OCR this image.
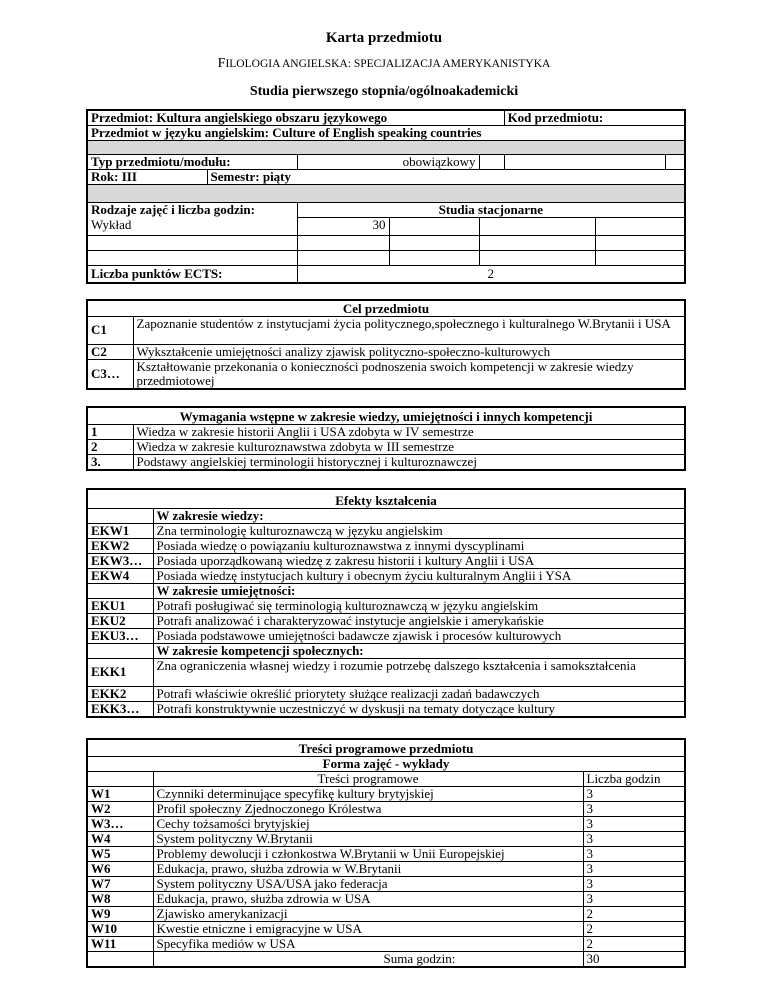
Karta przedmiotu
FILOLOGIA ANGIELSKA: SPECJALIZACJA AMERYKANISTYKA
Studia pierwszego stopnia/ogólnoakademicki
Przedmiot: Kultura angielskiego obszaru językowego					Kod przedmiotu:		
Przedmiot w języku angielskim: Culture of English speaking countries							

Typ przedmiotu/modułu:		obowiązkowy					
Rok: III	Semestr: piąty						

Rodzaje zajęć i liczba godzin:		Studia stacjonarne					
Wykład		30					

Liczba punktów ECTS:		2					
Cel przedmiotu	
C1	Zapoznanie studentów z instytucjami życia politycznego,społecznego i kulturalnego W.Brytanii i USA
C2	Wykształcenie umiejętności analizy zjawisk polityczno-społeczno-kulturowych
C3…	Kształtowanie przekonania o konieczności podnoszenia swoich kompetencji w zakresie wiedzy przedmiotowej
Wymagania wstępne w zakresie wiedzy, umiejętności i innych kompetencji	
1	Wiedza w zakresie historii Anglii i USA zdobyta w IV semestrze
2	Wiedza w zakresie kulturoznawstwa zdobyta w III semestrze
3.	Podstawy angielskiej terminologii historycznej i kulturoznawczej
Efekty kształcenia	
	W zakresie wiedzy:
EKW1	Zna terminologię kulturoznawczą w języku angielskim
EKW2	Posiada wiedzę o powiązaniu kulturoznawstwa z innymi dyscyplinami
EKW3…	Posiada uporządkowaną wiedzę z zakresu historii i kultury Anglii i USA
EKW4	Posiada wiedzę instytucjach kultury i obecnym życiu kulturalnym Anglii i YSA
	W zakresie umiejętności:
EKU1	Potrafi posługiwać się terminologią kulturoznawczą w języku angielskim
EKU2	Potrafi analizować i charakteryzować instytucje angielskie i amerykańskie
EKU3…	Posiada podstawowe umiejętności badawcze zjawisk i procesów kulturowych
	W zakresie kompetencji społecznych:
EKK1	Zna ograniczenia własnej wiedzy i rozumie potrzebę dalszego kształcenia i samokształcenia
EKK2	Potrafi właściwie określić priorytety służące realizacji zadań badawczych
EKK3…	Potrafi konstruktywnie uczestniczyć w dyskusji na tematy dotyczące kultury
Treści programowe przedmiotu		
Forma zajęć - wykłady		
	Treści programowe	Liczba godzin
W1	Czynniki determinujące specyfikę kultury brytyjskiej	3
W2	Profil społeczny Zjednoczonego Królestwa	3
W3…	Cechy tożsamości brytyjskiej	3
W4	System polityczny W.Brytanii	3
W5	Problemy dewolucji i członkostwa W.Brytanii w Unii Europejskiej	3
W6	Edukacja, prawo, służba zdrowia w W.Brytanii	3
W7	System polityczny USA/USA jako federacja	3
W8	Edukacja, prawo, służba zdrowia w USA	3
W9	Zjawisko amerykanizacji	2
W10	Kwestie etniczne i emigracyjne w USA	2
W11	Specyfika mediów w USA	2
	Suma godzin:	30
